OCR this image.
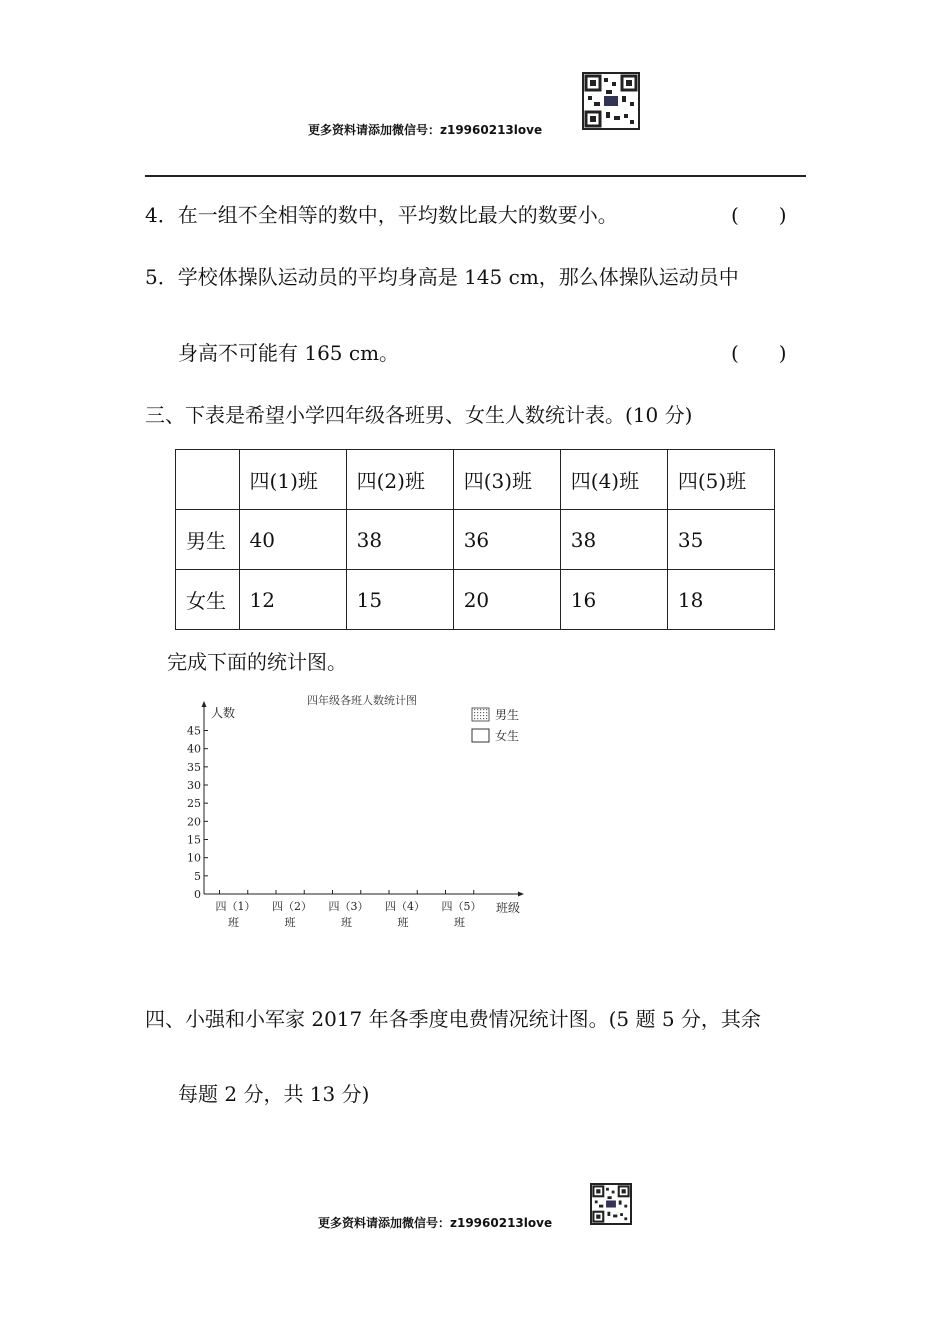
更多资料请添加微信号：z19960213love
4．在一组不全相等的数中，平均数比最大的数要小。	(　　)
5．学校体操队运动员的平均身高是 145 cm，那么体操队运动员中
身高不可能有 165 cm。	(　　)
三、下表是希望小学四年级各班男、女生人数统计表。(10 分)
	四(1)班	四(2)班	四(3)班	四(4)班	四(5)班
男生	40	38	36	38	35
女生	12	15	20	16	18
完成下面的统计图。
四年级各班人数统计图
人数
班级
男生
女生
0
5
10
15
20
25
30
35
40
45
四（1）
班
四（2）
班
四（3）
班
四（4）
班
四（5）
班
四、小强和小军家 2017 年各季度电费情况统计图。(5 题 5 分，其余
每题 2 分，共 13 分)
更多资料请添加微信号：z19960213love
